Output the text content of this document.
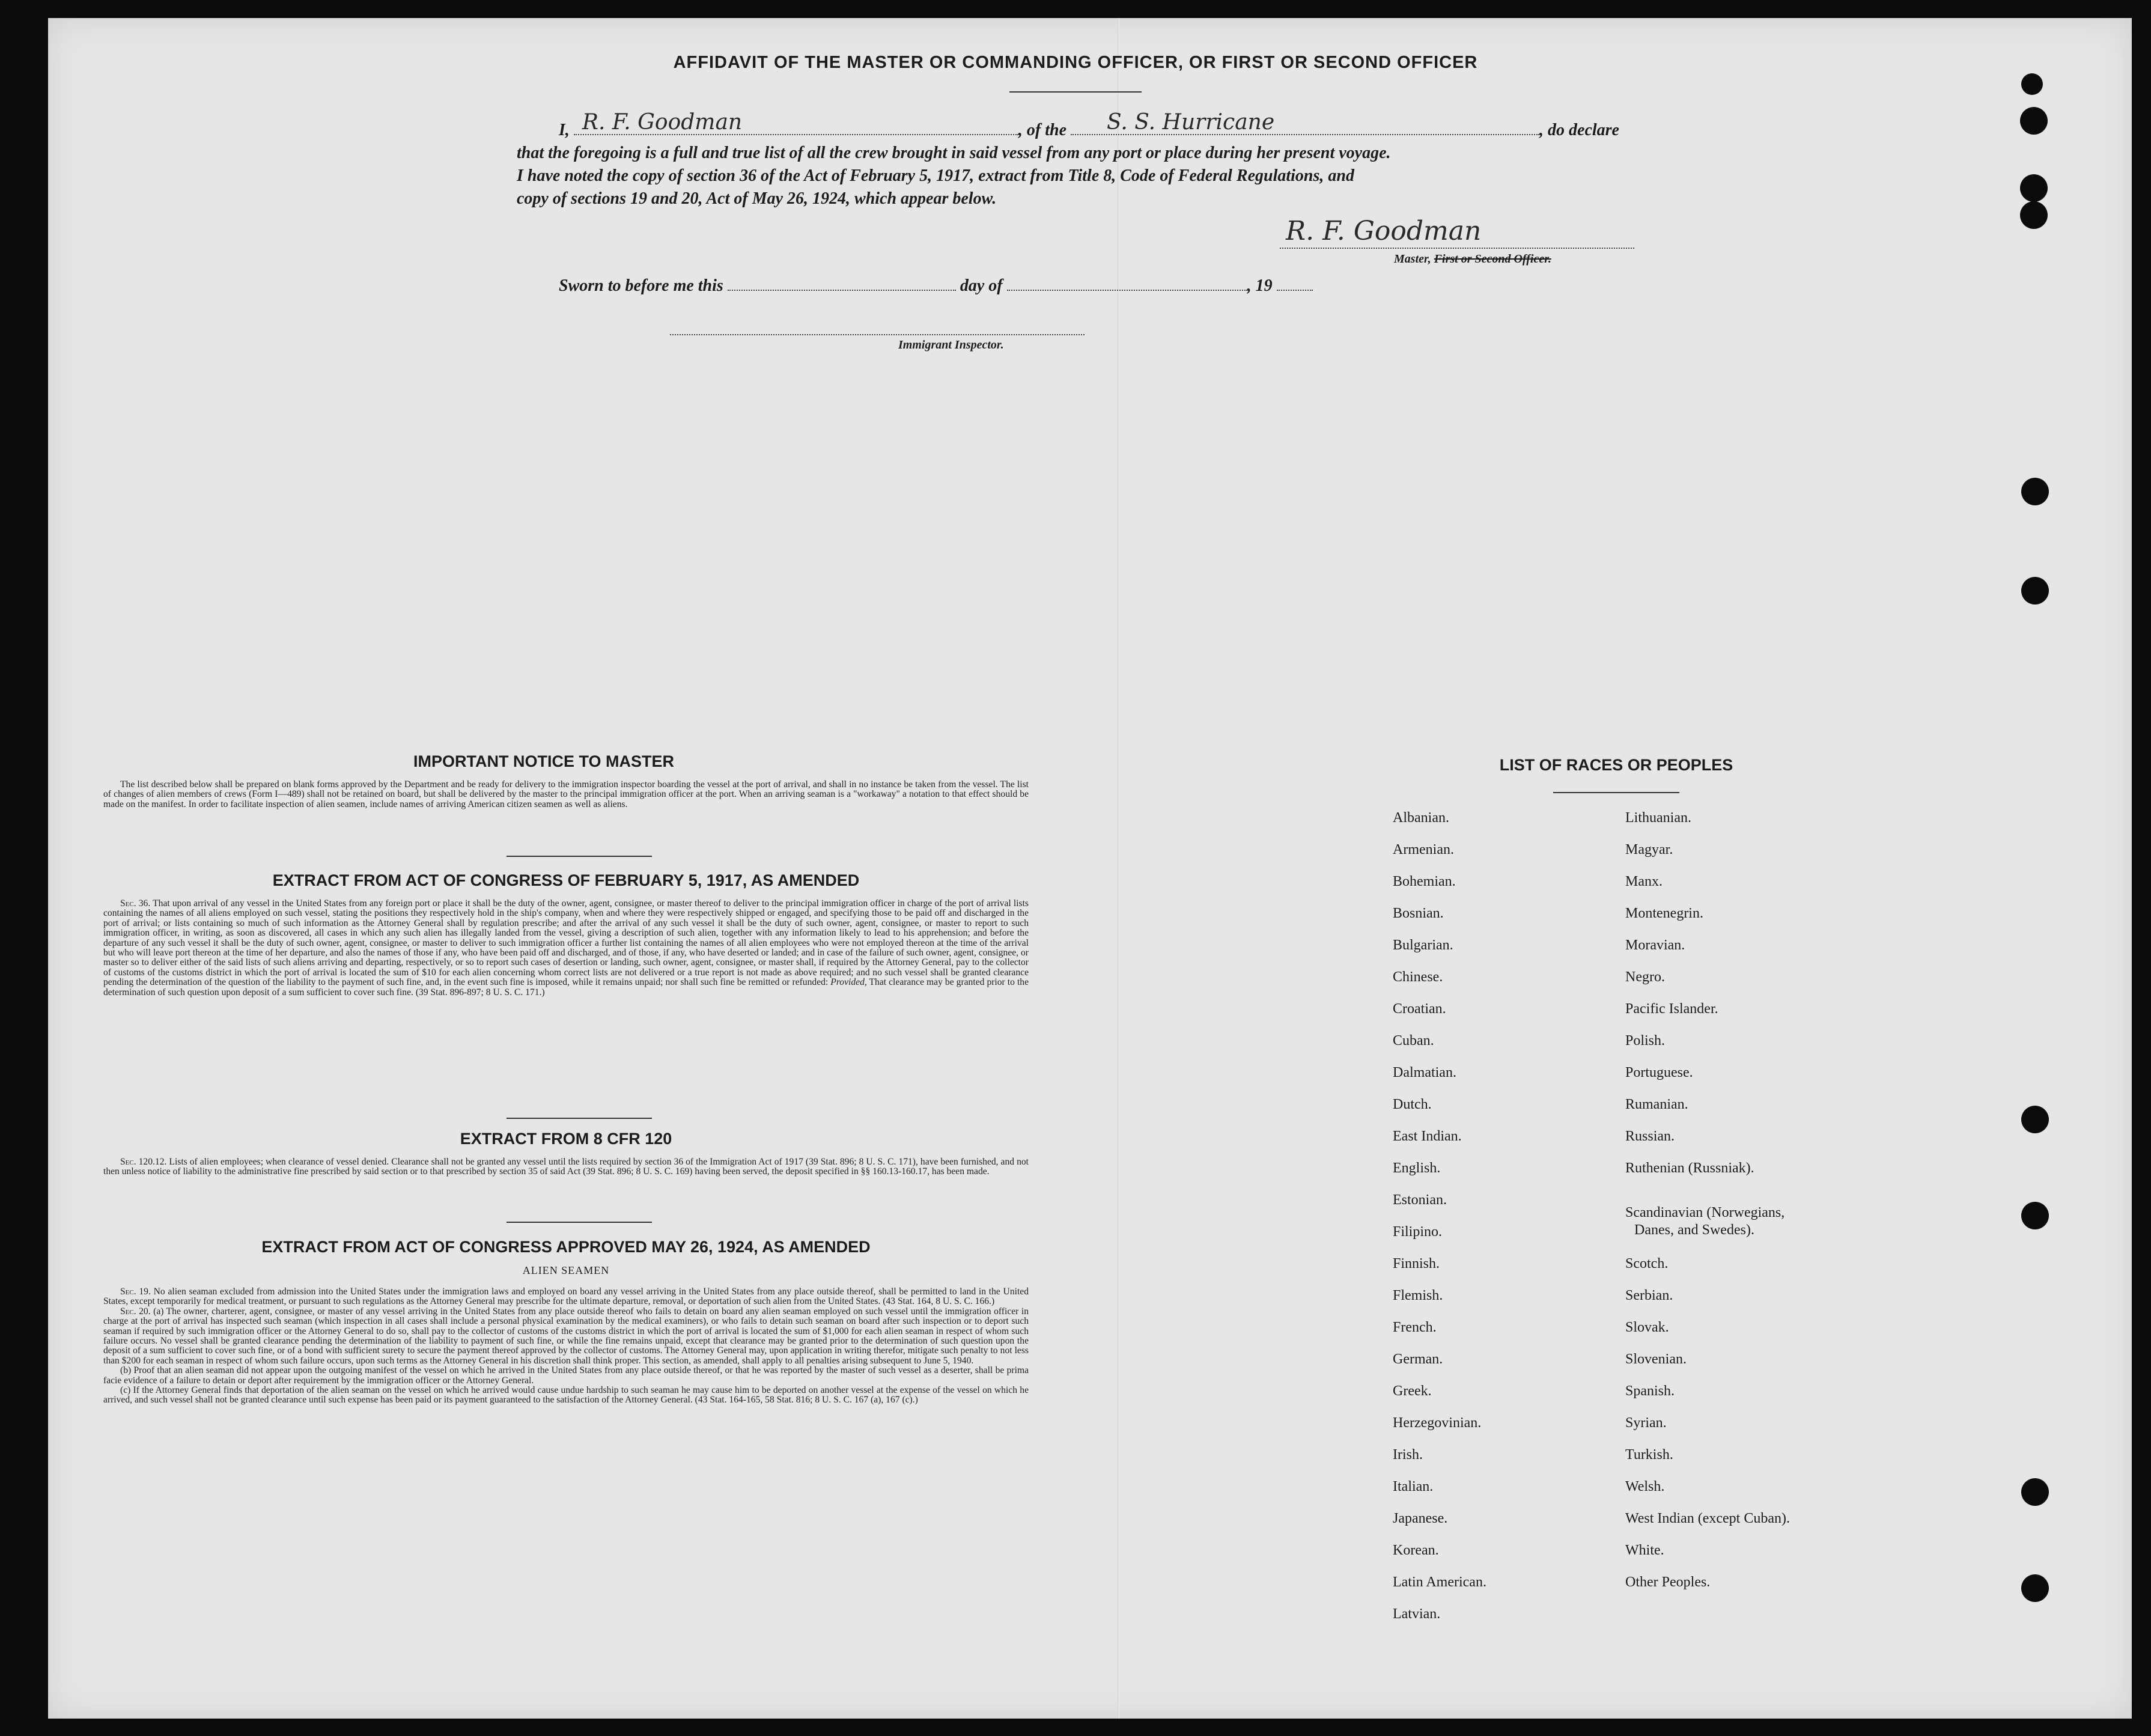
AFFIDAVIT OF THE MASTER OR COMMANDING OFFICER, OR FIRST OR SECOND OFFICER
I, R. F. Goodman	, of the S. S. Hurricane	, do declare
that the foregoing is a full and true list of all the crew brought in said vessel from any port or place during her present voyage.
I have noted the copy of section 36 of the Act of February 5, 1917, extract from Title 8, Code of Federal Regulations, and
copy of sections 19 and 20, Act of May 26, 1924, which appear below.
R. F. Goodman
Master, First or Second Officer.
Sworn to before me this	day of	, 19
Immigrant Inspector.
IMPORTANT NOTICE TO MASTER

The list described below shall be prepared on blank forms approved by the Department and be ready for delivery to the immigration inspector boarding the vessel at the port of arrival, and shall in no instance be taken from the vessel. The list of changes of alien members of crews (Form I—489) shall not be retained on board, but shall be delivered by the master to the principal immigration officer at the port. When an arriving seaman is a "workaway" a notation to that effect should be made on the manifest. In order to facilitate inspection of alien seamen, include names of arriving American citizen seamen as well as aliens.

EXTRACT FROM ACT OF CONGRESS OF FEBRUARY 5, 1917, AS AMENDED

Sec. 36. That upon arrival of any vessel in the United States from any foreign port or place it shall be the duty of the owner, agent, consignee, or master thereof to deliver to the principal immigration officer in charge of the port of arrival lists containing the names of all aliens employed on such vessel, stating the positions they respectively hold in the ship's company, when and where they were respectively shipped or engaged, and specifying those to be paid off and discharged in the port of arrival; or lists containing so much of such information as the Attorney General shall by regulation prescribe; and after the arrival of any such vessel it shall be the duty of such owner, agent, consignee, or master to report to such immigration officer, in writing, as soon as discovered, all cases in which any such alien has illegally landed from the vessel, giving a description of such alien, together with any information likely to lead to his apprehension; and before the departure of any such vessel it shall be the duty of such owner, agent, consignee, or master to deliver to such immigration officer a further list containing the names of all alien employees who were not employed thereon at the time of the arrival but who will leave port thereon at the time of her departure, and also the names of those if any, who have been paid off and discharged, and of those, if any, who have deserted or landed; and in case of the failure of such owner, agent, consignee, or master so to deliver either of the said lists of such aliens arriving and departing, respectively, or so to report such cases of desertion or landing, such owner, agent, consignee, or master shall, if required by the Attorney General, pay to the collector of customs of the customs district in which the port of arrival is located the sum of $10 for each alien concerning whom correct lists are not delivered or a true report is not made as above required; and no such vessel shall be granted clearance pending the determination of the question of the liability to the payment of such fine, and, in the event such fine is imposed, while it remains unpaid; nor shall such fine be remitted or refunded: Provided, That clearance may be granted prior to the determination of such question upon deposit of a sum sufficient to cover such fine. (39 Stat. 896-897; 8 U. S. C. 171.)

EXTRACT FROM 8 CFR 120

Sec. 120.12. Lists of alien employees; when clearance of vessel denied. Clearance shall not be granted any vessel until the lists required by section 36 of the Immigration Act of 1917 (39 Stat. 896; 8 U. S. C. 171), have been furnished, and not then unless notice of liability to the administrative fine prescribed by said section or to that prescribed by section 35 of said Act (39 Stat. 896; 8 U. S. C. 169) having been served, the deposit specified in §§ 160.13-160.17, has been made.

EXTRACT FROM ACT OF CONGRESS APPROVED MAY 26, 1924, AS AMENDED
ALIEN SEAMEN

Sec. 19. No alien seaman excluded from admission into the United States under the immigration laws and employed on board any vessel arriving in the United States from any place outside thereof, shall be permitted to land in the United States, except temporarily for medical treatment, or pursuant to such regulations as the Attorney General may prescribe for the ultimate departure, removal, or deportation of such alien from the United States. (43 Stat. 164, 8 U. S. C. 166.)

Sec. 20. (a) The owner, charterer, agent, consignee, or master of any vessel arriving in the United States from any place outside thereof who fails to detain on board any alien seaman employed on such vessel until the immigration officer in charge at the port of arrival has inspected such seaman (which inspection in all cases shall include a personal physical examination by the medical examiners), or who fails to detain such seaman on board after such inspection or to deport such seaman if required by such immigration officer or the Attorney General to do so, shall pay to the collector of customs of the customs district in which the port of arrival is located the sum of $1,000 for each alien seaman in respect of whom such failure occurs. No vessel shall be granted clearance pending the determination of the liability to payment of such fine, or while the fine remains unpaid, except that clearance may be granted prior to the determination of such question upon the deposit of a sum sufficient to cover such fine, or of a bond with sufficient surety to secure the payment thereof approved by the collector of customs. The Attorney General may, upon application in writing therefor, mitigate such penalty to not less than $200 for each seaman in respect of whom such failure occurs, upon such terms as the Attorney General in his discretion shall think proper. This section, as amended, shall apply to all penalties arising subsequent to June 5, 1940.

(b) Proof that an alien seaman did not appear upon the outgoing manifest of the vessel on which he arrived in the United States from any place outside thereof, or that he was reported by the master of such vessel as a deserter, shall be prima facie evidence of a failure to detain or deport after requirement by the immigration officer or the Attorney General.

(c) If the Attorney General finds that deportation of the alien seaman on the vessel on which he arrived would cause undue hardship to such seaman he may cause him to be deported on another vessel at the expense of the vessel on which he arrived, and such vessel shall not be granted clearance until such expense has been paid or its payment guaranteed to the satisfaction of the Attorney General. (43 Stat. 164-165, 58 Stat. 816; 8 U. S. C. 167 (a), 167 (c).)

LIST OF RACES OR PEOPLES
Albanian.
Armenian.
Bohemian.
Bosnian.
Bulgarian.
Chinese.
Croatian.
Cuban.
Dalmatian.
Dutch.
East Indian.
English.
Estonian.
Filipino.
Finnish.
Flemish.
French.
German.
Greek.
Herzegovinian.
Irish.
Italian.
Japanese.
Korean.
Latin American.
Latvian.
Lithuanian.
Magyar.
Manx.
Montenegrin.
Moravian.
Negro.
Pacific Islander.
Polish.
Portuguese.
Rumanian.
Russian.
Ruthenian (Russniak).
Scandinavian (Norwegians,
Danes, and Swedes).
Scotch.
Serbian.
Slovak.
Slovenian.
Spanish.
Syrian.
Turkish.
Welsh.
West Indian (except Cuban).
White.
Other Peoples.
